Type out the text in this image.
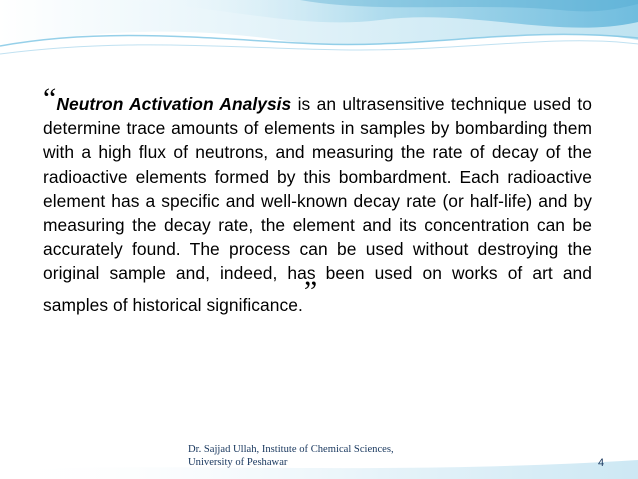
“Neutron Activation Analysis is an ultrasensitive technique used to determine trace amounts of elements in samples by bombarding them with a high flux of neutrons, and measuring the rate of decay of the radioactive elements formed by this bombardment. Each radioactive element has a specific and well-known decay rate (or half-life) and by measuring the decay rate, the element and its concentration can be accurately found. The process can be used without destroying the original sample and, indeed, has been used on works of art and samples of historical significance.”
Dr. Sajjad Ullah, Institute of Chemical Sciences,
University of Peshawar	4
